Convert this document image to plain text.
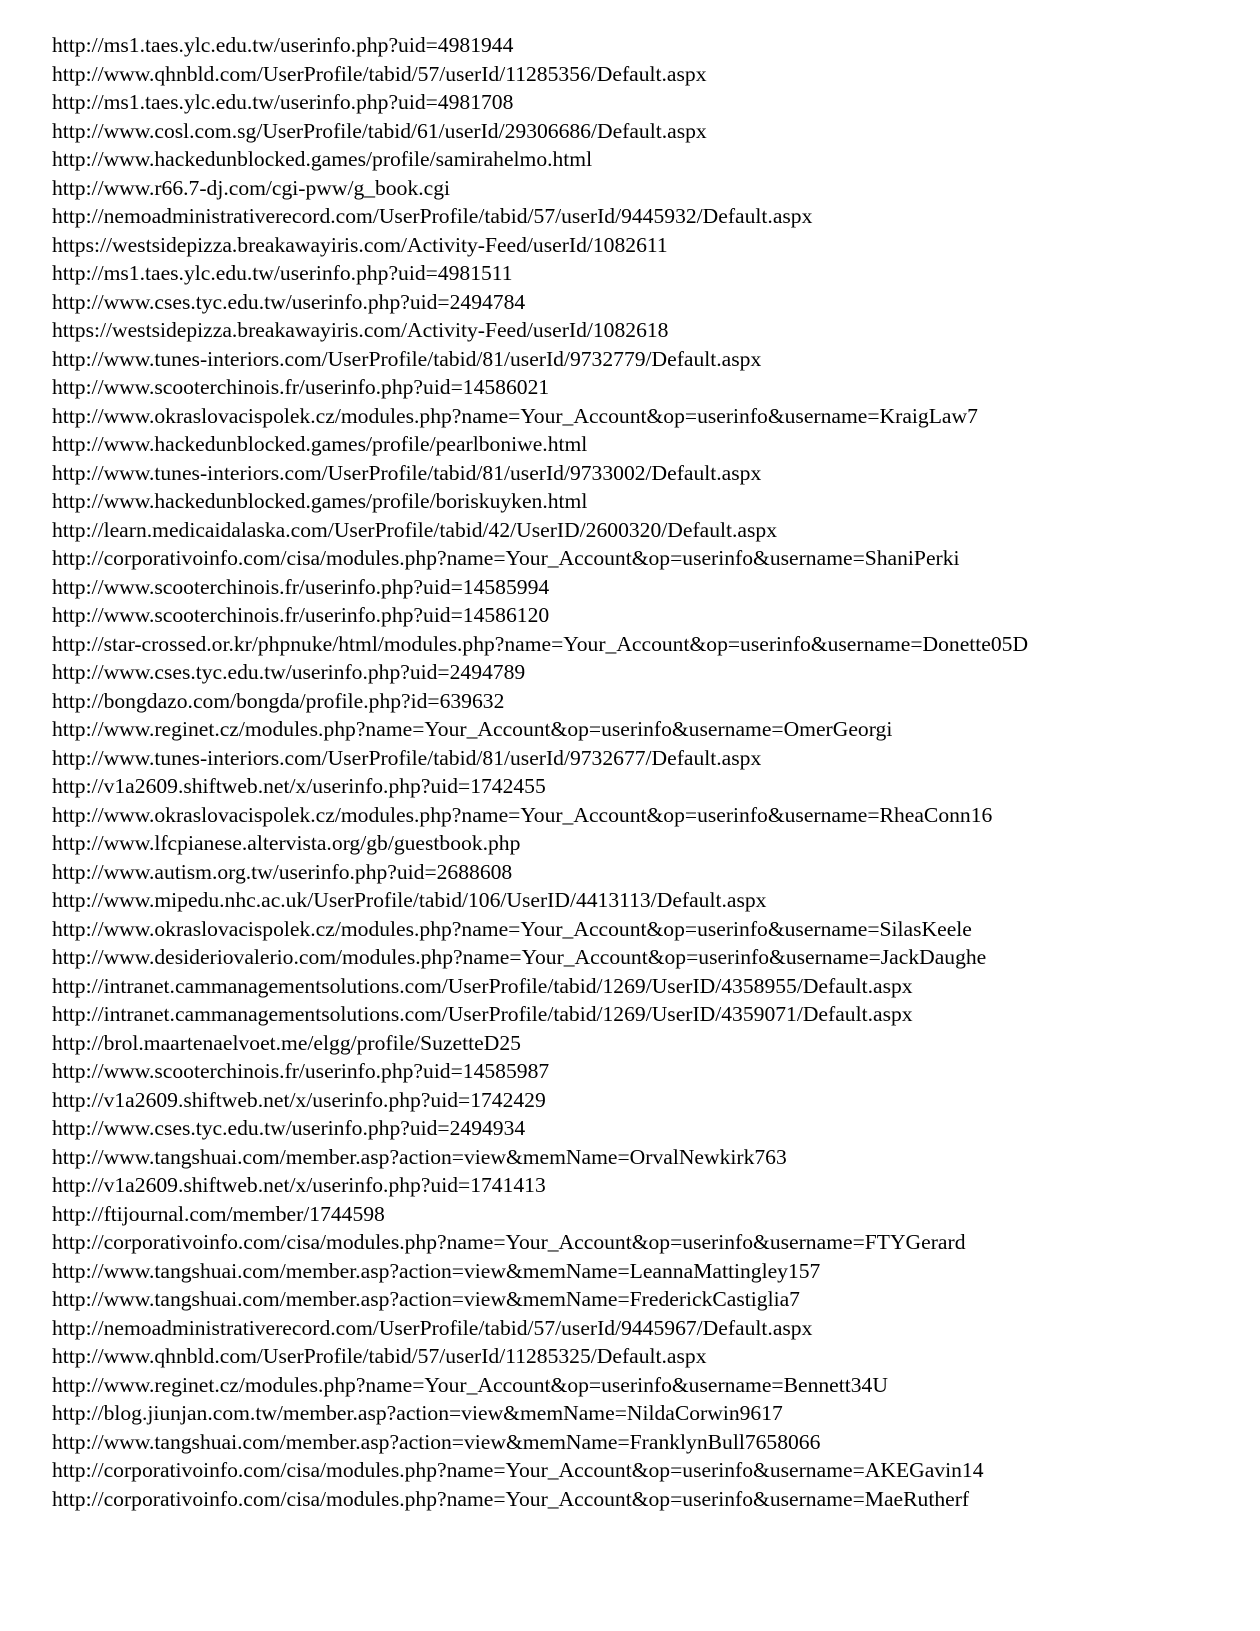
http://ms1.taes.ylc.edu.tw/userinfo.php?uid=4981944
http://www.qhnbld.com/UserProfile/tabid/57/userId/11285356/Default.aspx
http://ms1.taes.ylc.edu.tw/userinfo.php?uid=4981708
http://www.cosl.com.sg/UserProfile/tabid/61/userId/29306686/Default.aspx
http://www.hackedunblocked.games/profile/samirahelmo.html
http://www.r66.7-dj.com/cgi-pww/g_book.cgi
http://nemoadministrativerecord.com/UserProfile/tabid/57/userId/9445932/Default.aspx
https://westsidepizza.breakawayiris.com/Activity-Feed/userId/1082611
http://ms1.taes.ylc.edu.tw/userinfo.php?uid=4981511
http://www.cses.tyc.edu.tw/userinfo.php?uid=2494784
https://westsidepizza.breakawayiris.com/Activity-Feed/userId/1082618
http://www.tunes-interiors.com/UserProfile/tabid/81/userId/9732779/Default.aspx
http://www.scooterchinois.fr/userinfo.php?uid=14586021
http://www.okraslovacispolek.cz/modules.php?name=Your_Account&op=userinfo&username=KraigLaw7
http://www.hackedunblocked.games/profile/pearlboniwe.html
http://www.tunes-interiors.com/UserProfile/tabid/81/userId/9733002/Default.aspx
http://www.hackedunblocked.games/profile/boriskuyken.html
http://learn.medicaidalaska.com/UserProfile/tabid/42/UserID/2600320/Default.aspx
http://corporativoinfo.com/cisa/modules.php?name=Your_Account&op=userinfo&username=ShaniPerki
http://www.scooterchinois.fr/userinfo.php?uid=14585994
http://www.scooterchinois.fr/userinfo.php?uid=14586120
http://star-crossed.or.kr/phpnuke/html/modules.php?name=Your_Account&op=userinfo&username=Donette05D
http://www.cses.tyc.edu.tw/userinfo.php?uid=2494789
http://bongdazo.com/bongda/profile.php?id=639632
http://www.reginet.cz/modules.php?name=Your_Account&op=userinfo&username=OmerGeorgi
http://www.tunes-interiors.com/UserProfile/tabid/81/userId/9732677/Default.aspx
http://v1a2609.shiftweb.net/x/userinfo.php?uid=1742455
http://www.okraslovacispolek.cz/modules.php?name=Your_Account&op=userinfo&username=RheaConn16
http://www.lfcpianese.altervista.org/gb/guestbook.php
http://www.autism.org.tw/userinfo.php?uid=2688608
http://www.mipedu.nhc.ac.uk/UserProfile/tabid/106/UserID/4413113/Default.aspx
http://www.okraslovacispolek.cz/modules.php?name=Your_Account&op=userinfo&username=SilasKeele
http://www.desideriovalerio.com/modules.php?name=Your_Account&op=userinfo&username=JackDaughe
http://intranet.cammanagementsolutions.com/UserProfile/tabid/1269/UserID/4358955/Default.aspx
http://intranet.cammanagementsolutions.com/UserProfile/tabid/1269/UserID/4359071/Default.aspx
http://brol.maartenaelvoet.me/elgg/profile/SuzetteD25
http://www.scooterchinois.fr/userinfo.php?uid=14585987
http://v1a2609.shiftweb.net/x/userinfo.php?uid=1742429
http://www.cses.tyc.edu.tw/userinfo.php?uid=2494934
http://www.tangshuai.com/member.asp?action=view&memName=OrvalNewkirk763
http://v1a2609.shiftweb.net/x/userinfo.php?uid=1741413
http://ftijournal.com/member/1744598
http://corporativoinfo.com/cisa/modules.php?name=Your_Account&op=userinfo&username=FTYGerard
http://www.tangshuai.com/member.asp?action=view&memName=LeannaMattingley157
http://www.tangshuai.com/member.asp?action=view&memName=FrederickCastiglia7
http://nemoadministrativerecord.com/UserProfile/tabid/57/userId/9445967/Default.aspx
http://www.qhnbld.com/UserProfile/tabid/57/userId/11285325/Default.aspx
http://www.reginet.cz/modules.php?name=Your_Account&op=userinfo&username=Bennett34U
http://blog.jiunjan.com.tw/member.asp?action=view&memName=NildaCorwin9617
http://www.tangshuai.com/member.asp?action=view&memName=FranklynBull7658066
http://corporativoinfo.com/cisa/modules.php?name=Your_Account&op=userinfo&username=AKEGavin14
http://corporativoinfo.com/cisa/modules.php?name=Your_Account&op=userinfo&username=MaeRutherf
